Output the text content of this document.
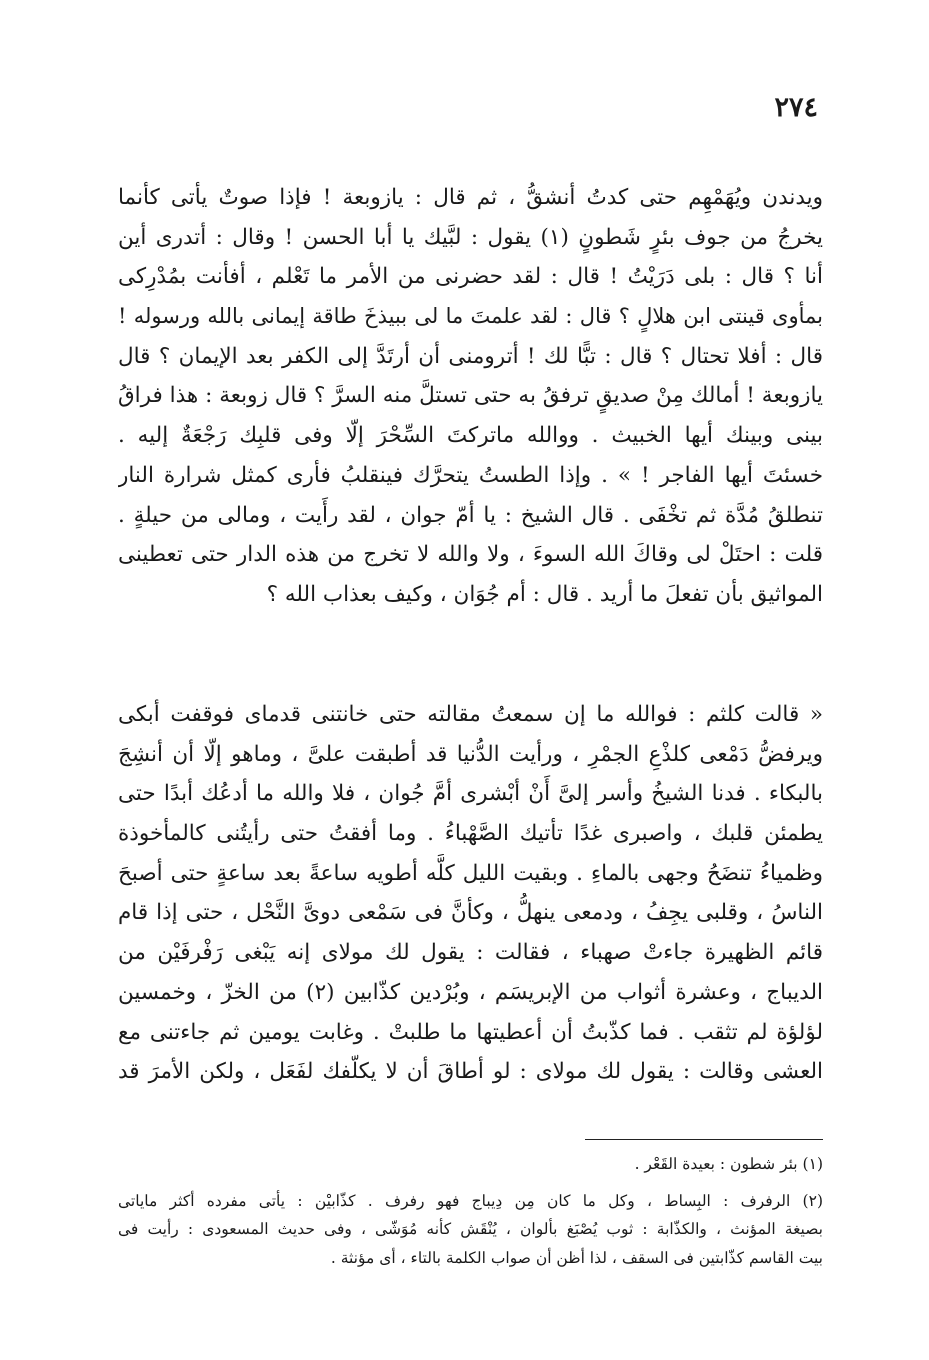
٢٧٤
ويدندن ويُهَمْهِم حتى كدتُ أنشقُّ ، ثم قال : يازوبعة ! فإذا صوتٌ يأتى كأنما
يخرجُ من جوف بئرٍ شَطونٍ (١) يقول : لبَّيك يا أبا الحسن ! وقال : أتدرى أين
أنا ؟ قال : بلى دَرَيْتُ ! قال : لقد حضرنى من الأمر ما تَعْلم ، أفأنت بمُدْرِكى
بمأوى قينتى ابن هلالٍ ؟ قال : لقد علمتَ ما لى ببيذخَ طاقة إيمانى بالله ورسوله !
قال : أفلا تحتال ؟ قال : تبًّا لك ! أترومنى أن أرتَدَّ إلى الكفر بعد الإيمان ؟ قال
يازوبعة ! أمالك مِنْ صديقٍ ترفقُ به حتى تستلَّ منه السرَّ ؟ قال زوبعة : هذا فراقُ
بينى وبينك أيها الخبيث . ووالله ماتركتَ السِّحْرَ إلّا وفى قلبِك رَجْعَةٌ إليه .
خسئتَ أيها الفاجر ! » . وإذا الطستُ يتحرَّك فينقلبُ فأرى كمثل شرارة النار
تنطلقُ مُدَّة ثم تخْفَى . قال الشيخ : يا أمّ جوان ، لقد رأَيت ، ومالى من حيلةٍ .
قلت : احتَلْ لى وقاكَ الله السوءَ ، ولا والله لا تخرج من هذه الدار حتى تعطينى
المواثيق بأن تفعلَ ما أريد . قال : أم جُوَان ، وكيف بعذاب الله ؟
« قالت كلثم : فوالله ما إن سمعتُ مقالته حتى خانتنى قدماى فوقفت أبكى
ويرفضُّ دَمْعى كلذْعِ الجمْرِ ، ورأيت الدُّنيا قد أطبقت علىَّ ، وماهو إلّا أن أنشِجَ
بالبكاء . فدنا الشيخُ وأسر إلىَّ أَنْ أبْشرى أمَّ جُوان ، فلا والله ما أدعُك أبدًا حتى
يطمئن قلبك ، واصبرى غدًا تأتيك الصَّهْباءُ . وما أفقتُ حتى رأيتُنى كالمأخوذة
وظمياءُ تنضَحُ وجهى بالماءِ . وبقيت الليل كلَّه أطويه ساعةً بعد ساعةٍ حتى أصبحَ
الناسُ ، وقلبى يجِفُ ، ودمعى ينهلُّ ، وكأنَّ فى سَمْعى دوىَّ النَّحْل ، حتى إذا قام
قائم الظهيرة جاءتْ صهباء ، فقالت : يقول لك مولاى إنه يَبْغى رَفْرفَيْن من
الديباج ، وعشرة أثواب من الإبريسَم ، وبُرْدين كذّابين (٢) من الخزّ ، وخمسين
لؤلؤة لم تثقب . فما كذّبتُ أن أعطيتها ما طلبتْ . وغابت يومين ثم جاءتنى مع
العشى وقالت : يقول لك مولاى : لو أطاقَ أن لا يكلّفك لفَعَل ، ولكن الأمرَ قد
(١) بئر شطون : بعيدة القَعْر .
(٢) الرفرف : البِساط ، وكل ما كان مِن دِيباج فهو رفرف . كذّابيْن : يأتى مفرده أكثر ماياتى
بصيغة المؤنث ، والكذّابة : ثوب يُصْبَغ بألوان ، يُنْقَش كأنه مُوَشّى ، وفى حديث المسعودى : رأيت فى
بيت القاسم كذّابتين فى السقف ، لذا أظن أن صواب الكلمة بالتاء ، أى مؤنثة .
